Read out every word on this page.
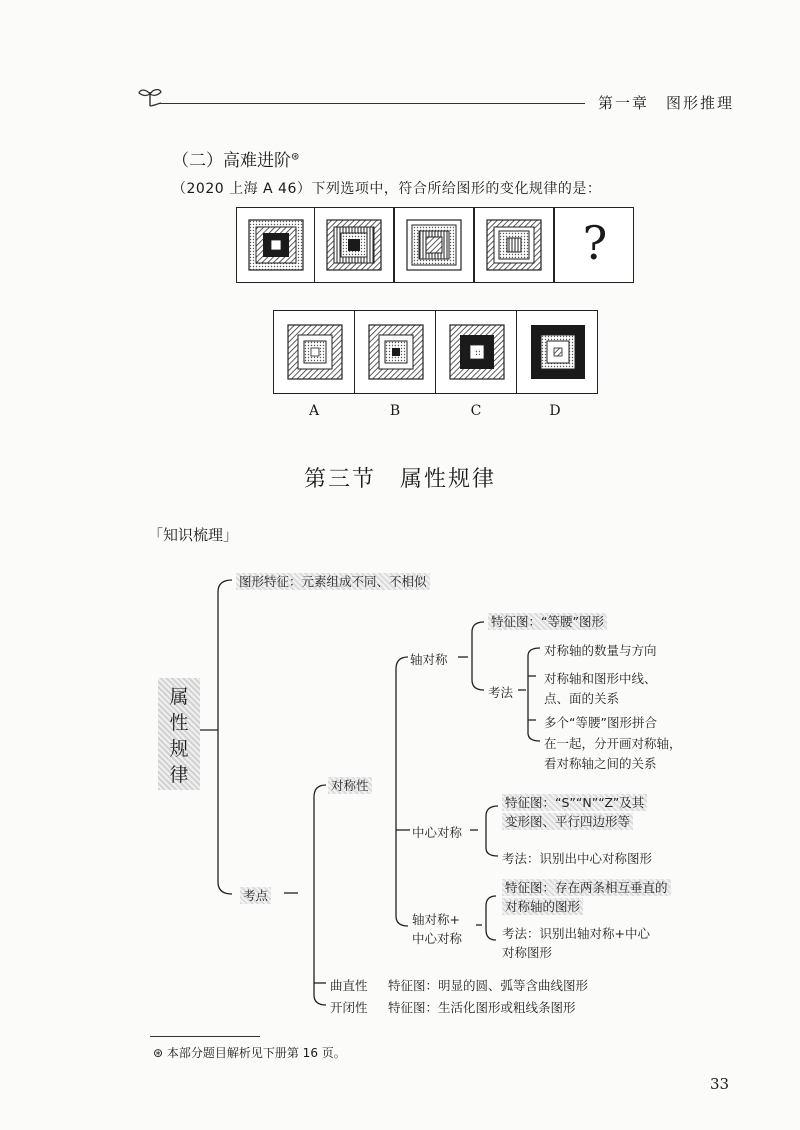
第一章　图形推理
（二）高难进阶⊛
（2020 上海 A 46）下列选项中，符合所给图形的变化规律的是：
?
A	B	C	D
第三节　属性规律
「知识梳理」
属
性
规
律
图形特征：元素组成不同、不相似
考点
对称性
轴对称
特征图：“等腰”图形
考法
对称轴的数量与方向
对称轴和图形中线、
点、面的关系
多个“等腰”图形拼合
在一起，分开画对称轴，
看对称轴之间的关系
中心对称
特征图：“S”“N”“Z”及其
变形图、平行四边形等
考法：识别出中心对称图形
轴对称+
中心对称
特征图：存在两条相互垂直的
对称轴的图形
考法：识别出轴对称+中心
对称图形
曲直性 特征图：明显的圆、弧等含曲线图形
开闭性 特征图：生活化图形或粗线条图形
⊛ 本部分题目解析见下册第 16 页。
33
